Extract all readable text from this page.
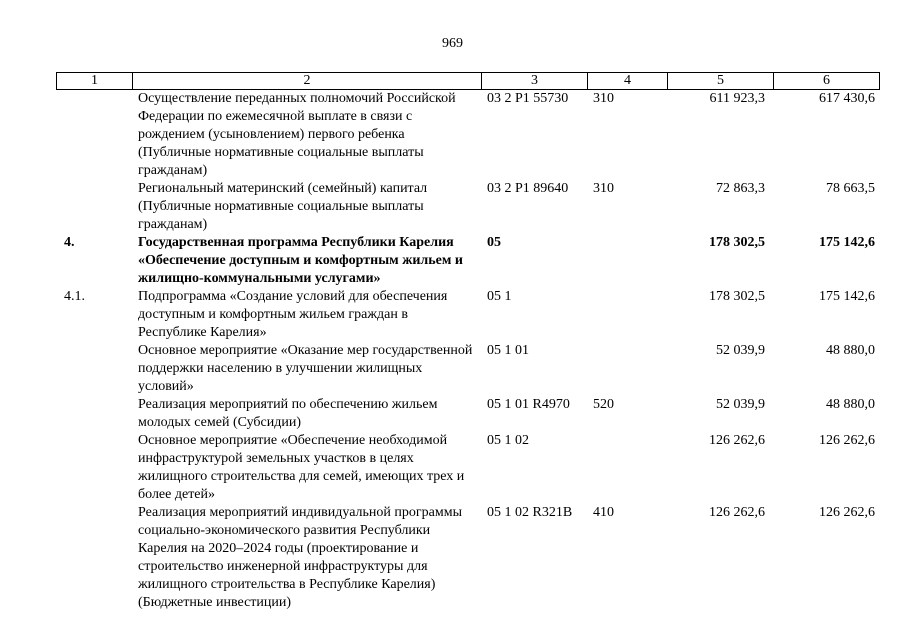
969
1	2	3	4	5	6
	Осуществление переданных полномочий Российской Федерации по ежемесячной выплате в связи с рождением (усыновлением) первого ребенка (Публичные нормативные социальные выплаты гражданам)	03 2 P1 55730	310	611 923,3	617 430,6
	Региональный материнский (семейный) капитал (Публичные нормативные социальные выплаты гражданам)	03 2 P1 89640	310	72 863,3	78 663,5
4.	Государственная программа Республики Карелия «Обеспечение доступным и комфортным жильем и жилищно-коммунальными услугами»	05		178 302,5	175 142,6
4.1.	Подпрограмма «Создание условий для обеспечения доступным и комфортным жильем граждан в Республике Карелия»	05 1		178 302,5	175 142,6
	Основное мероприятие «Оказание мер государственной поддержки населению в улучшении жилищных условий»	05 1 01		52 039,9	48 880,0
	Реализация мероприятий по обеспечению жильем молодых семей (Субсидии)	05 1 01 R4970	520	52 039,9	48 880,0
	Основное мероприятие «Обеспечение необходимой инфраструктурой земельных участков в целях жилищного строительства для семей, имеющих трех и более детей»	05 1 02		126 262,6	126 262,6
	Реализация мероприятий индивидуальной программы социально-экономического развития Республики Карелия на 2020–2024 годы (проектирование и строительство инженерной инфраструктуры для жилищного строительства в Республике Карелия) (Бюджетные инвестиции)	05 1 02 R321B	410	126 262,6	126 262,6
